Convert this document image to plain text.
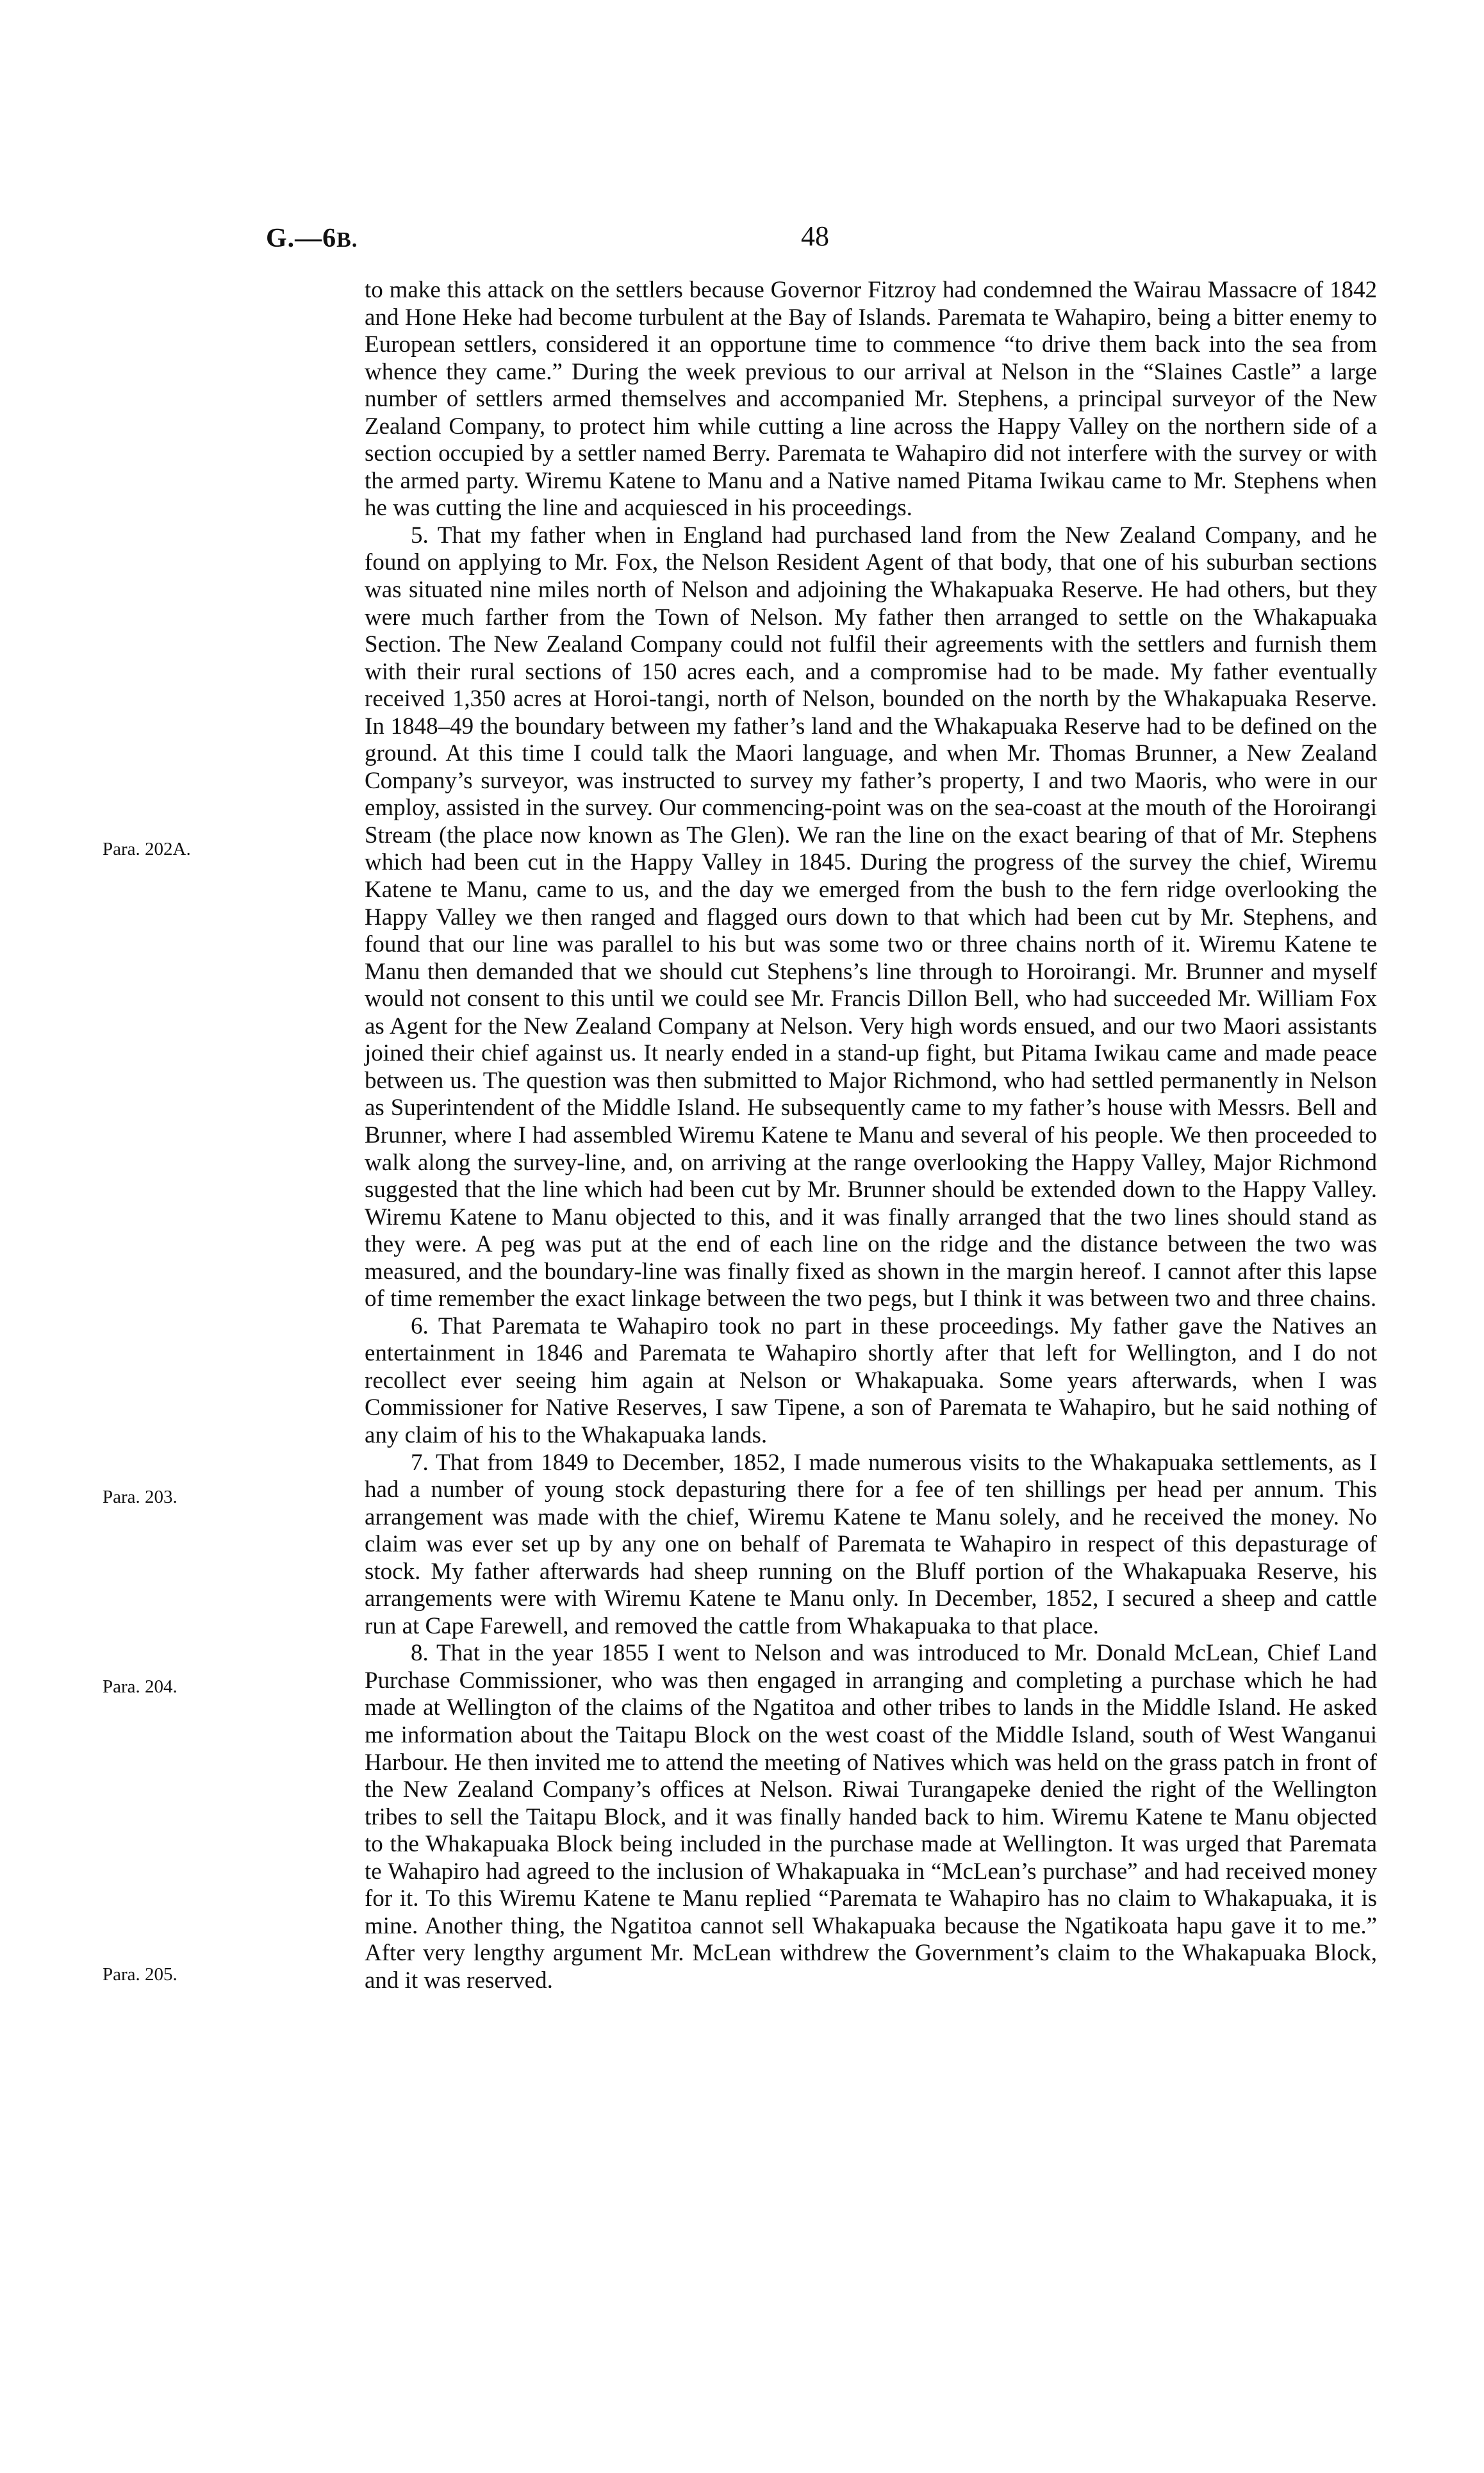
G.—6B.	48
Para. 202A.
Para. 203.
Para. 204.
Para. 205.

to make this attack on the settlers because Governor Fitzroy had condemned the Wairau Massacre of 1842 and Hone Heke had become turbulent at the Bay of Islands. Paremata te Wahapiro, being a bitter enemy to European settlers, considered it an opportune time to commence “to drive them back into the sea from whence they came.” During the week previous to our arrival at Nelson in the “Slaines Castle” a large number of settlers armed themselves and accompanied Mr. Stephens, a principal surveyor of the New Zealand Company, to protect him while cutting a line across the Happy Valley on the northern side of a section occupied by a settler named Berry. Paremata te Wahapiro did not interfere with the survey or with the armed party. Wiremu Katene to Manu and a Native named Pitama Iwikau came to Mr. Stephens when he was cutting the line and acquiesced in his proceedings.

5. That my father when in England had purchased land from the New Zealand Company, and he found on applying to Mr. Fox, the Nelson Resident Agent of that body, that one of his suburban sections was situated nine miles north of Nelson and adjoining the Whakapuaka Reserve. He had others, but they were much farther from the Town of Nelson. My father then arranged to settle on the Whakapuaka Section. The New Zealand Company could not fulfil their agreements with the settlers and furnish them with their rural sections of 150 acres each, and a compromise had to be made. My father eventually received 1,350 acres at Horoi-tangi, north of Nelson, bounded on the north by the Whakapuaka Reserve. In 1848–49 the boundary between my father’s land and the Whakapuaka Reserve had to be defined on the ground. At this time I could talk the Maori language, and when Mr. Thomas Brunner, a New Zealand Company’s surveyor, was instructed to survey my father’s property, I and two Maoris, who were in our employ, assisted in the survey. Our commencing-point was on the sea-coast at the mouth of the Horoirangi Stream (the place now known as The Glen). We ran the line on the exact bearing of that of Mr. Stephens which had been cut in the Happy Valley in 1845. During the progress of the survey the chief, Wiremu Katene te Manu, came to us, and the day we emerged from the bush to the fern ridge overlooking the Happy Valley we then ranged and flagged ours down to that which had been cut by Mr. Stephens, and found that our line was parallel to his but was some two or three chains north of it. Wiremu Katene te Manu then demanded that we should cut Stephens’s line through to Horoirangi. Mr. Brunner and myself would not consent to this until we could see Mr. Francis Dillon Bell, who had succeeded Mr. William Fox as Agent for the New Zealand Company at Nelson. Very high words ensued, and our two Maori assistants joined their chief against us. It nearly ended in a stand-up fight, but Pitama Iwikau came and made peace between us. The question was then submitted to Major Richmond, who had settled permanently in Nelson as Superintendent of the Middle Island. He subsequently came to my father’s house with Messrs. Bell and Brunner, where I had assembled Wiremu Katene te Manu and several of his people. We then proceeded to walk along the survey-line, and, on arriving at the range overlooking the Happy Valley, Major Richmond suggested that the line which had been cut by Mr. Brunner should be extended down to the Happy Valley. Wiremu Katene to Manu objected to this, and it was finally arranged that the two lines should stand as they were. A peg was put at the end of each line on the ridge and the distance between the two was measured, and the boundary-line was finally fixed as shown in the margin hereof. I cannot after this lapse of time remember the exact linkage between the two pegs, but I think it was between two and three chains.

6. That Paremata te Wahapiro took no part in these proceedings. My father gave the Natives an entertainment in 1846 and Paremata te Wahapiro shortly after that left for Wellington, and I do not recollect ever seeing him again at Nelson or Whakapuaka. Some years afterwards, when I was Commissioner for Native Reserves, I saw Tipene, a son of Paremata te Wahapiro, but he said nothing of any claim of his to the Whakapuaka lands.

7. That from 1849 to December, 1852, I made numerous visits to the Whakapuaka settlements, as I had a number of young stock depasturing there for a fee of ten shillings per head per annum. This arrangement was made with the chief, Wiremu Katene te Manu solely, and he received the money. No claim was ever set up by any one on behalf of Paremata te Wahapiro in respect of this depasturage of stock. My father afterwards had sheep running on the Bluff portion of the Whakapuaka Reserve, his arrangements were with Wiremu Katene te Manu only. In December, 1852, I secured a sheep and cattle run at Cape Farewell, and removed the cattle from Whakapuaka to that place.

8. That in the year 1855 I went to Nelson and was introduced to Mr. Donald McLean, Chief Land Purchase Commissioner, who was then engaged in arranging and completing a purchase which he had made at Wellington of the claims of the Ngatitoa and other tribes to lands in the Middle Island. He asked me information about the Taitapu Block on the west coast of the Middle Island, south of West Wanganui Harbour. He then invited me to attend the meeting of Natives which was held on the grass patch in front of the New Zealand Company’s offices at Nelson. Riwai Turangapeke denied the right of the Wellington tribes to sell the Taitapu Block, and it was finally handed back to him. Wiremu Katene te Manu objected to the Whakapuaka Block being included in the purchase made at Wellington. It was urged that Paremata te Wahapiro had agreed to the inclusion of Whakapuaka in “McLean’s purchase” and had received money for it. To this Wiremu Katene te Manu replied “Paremata te Wahapiro has no claim to Whakapuaka, it is mine. Another thing, the Ngatitoa cannot sell Whakapuaka because the Ngatikoata hapu gave it to me.” After very lengthy argument Mr. McLean withdrew the Government’s claim to the Whakapuaka Block, and it was reserved.
